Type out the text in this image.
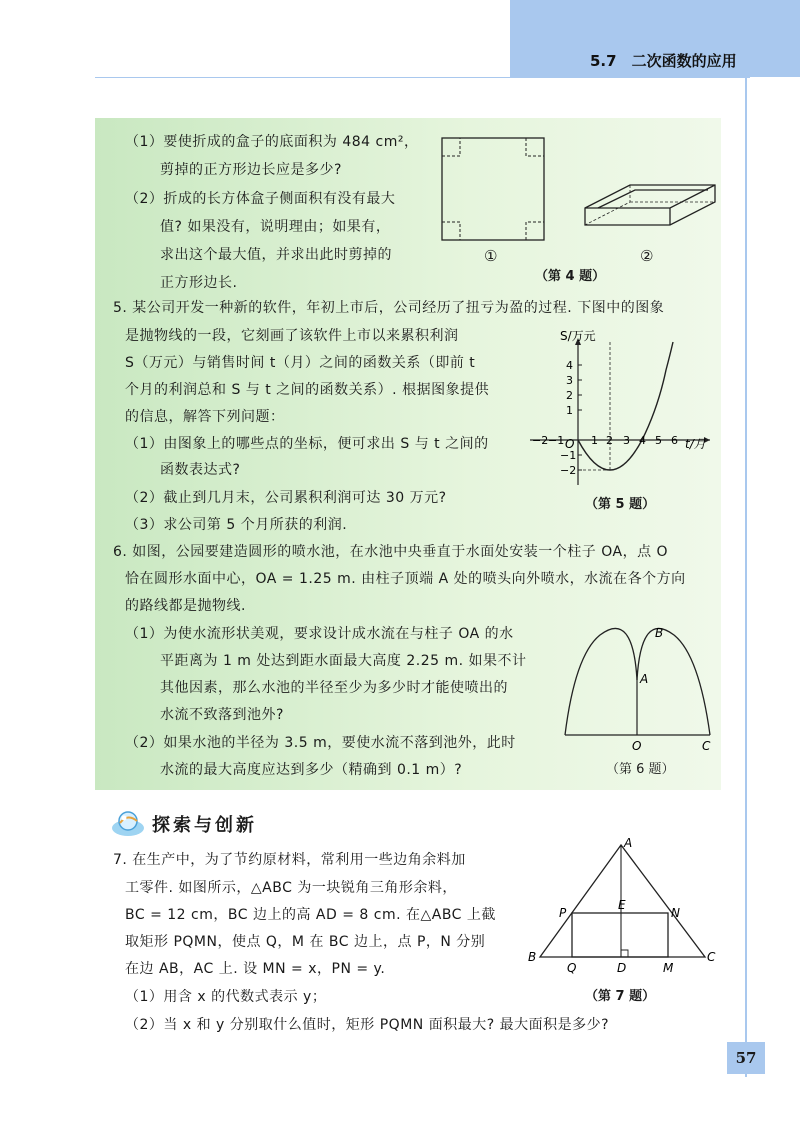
5.7　二次函数的应用
（1）要使折成的盒子的底面积为 484 cm²，
剪掉的正方形边长应是多少?
（2）折成的长方体盒子侧面积有没有最大
值? 如果没有，说明理由；如果有，
求出这个最大值，并求出此时剪掉的
正方形边长.
①	②
（第 4 题）
5. 某公司开发一种新的软件，年初上市后，公司经历了扭亏为盈的过程. 下图中的图象
是抛物线的一段，它刻画了该软件上市以来累积利润
S（万元）与销售时间 t（月）之间的函数关系（即前 t
个月的利润总和 S 与 t 之间的函数关系）. 根据图象提供
的信息，解答下列问题：
（1）由图象上的哪些点的坐标，便可求出 S 与 t 之间的
函数表达式?
（2）截止到几月末，公司累积利润可达 30 万元?
（3）求公司第 5 个月所获的利润.
S/万元
t/月
O
4
3
2
1
−1
−2
−2 −1 1 2 3 4 5 6
（第 5 题）
6. 如图，公园要建造圆形的喷水池，在水池中央垂直于水面处安装一个柱子 OA，点 O
恰在圆形水面中心，OA = 1.25 m. 由柱子顶端 A 处的喷头向外喷水，水流在各个方向
的路线都是抛物线.
（1）为使水流形状美观，要求设计成水流在与柱子 OA 的水
平距离为 1 m 处达到距水面最大高度 2.25 m. 如果不计
其他因素，那么水池的半径至少为多少时才能使喷出的
水流不致落到池外?
（2）如果水池的半径为 3.5 m，要使水流不落到池外，此时
水流的最大高度应达到多少（精确到 0.1 m）?
B
A
O	C
（第 6 题）
探索与创新
7. 在生产中，为了节约原材料，常利用一些边角余料加
工零件. 如图所示，△ABC 为一块锐角三角形余料，
BC = 12 cm，BC 边上的高 AD = 8 cm. 在△ABC 上截
取矩形 PQMN，使点 Q，M 在 BC 边上，点 P，N 分别
在边 AB，AC 上. 设 MN = x，PN = y.
（1）用含 x 的代数式表示 y；
（2）当 x 和 y 分别取什么值时，矩形 PQMN 面积最大? 最大面积是多少?
A
B	C
P	N
E
Q	D	M
（第 7 题）
57
